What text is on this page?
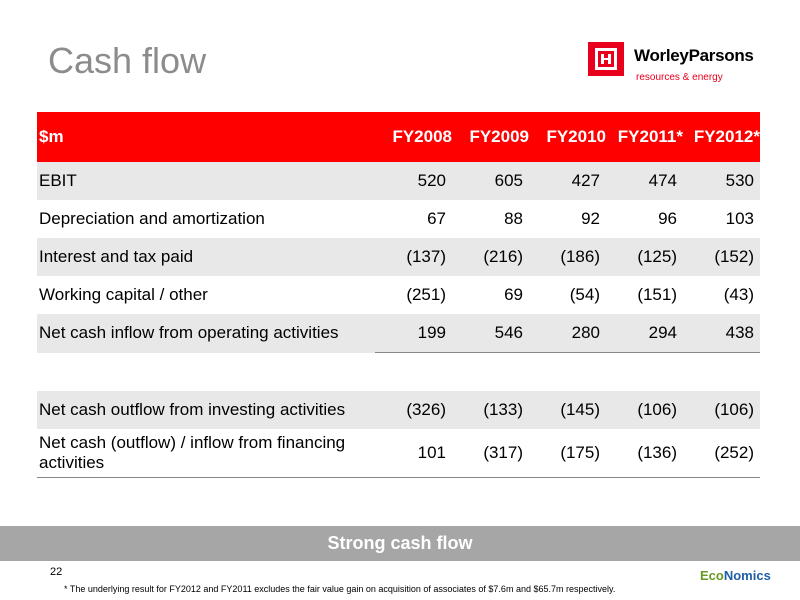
Cash flow	WorleyParsons
resources & energy
$m	FY2008	FY2009	FY2010	FY2011*	FY2012*
EBIT	520	605	427	474	530
Depreciation and amortization	67	88	92	96	103
Interest and tax paid	(137)	(216)	(186)	(125)	(152)
Working capital / other	(251)	69	(54)	(151)	(43)
Net cash inflow from operating activities	199	546	280	294	438

Net cash outflow from investing activities	(326)	(133)	(145)	(106)	(106)
Net cash (outflow) / inflow from financing activities	101	(317)	(175)	(136)	(252)
Strong cash flow
22
* The underlying result for FY2012 and FY2011 excludes the fair value gain on acquisition of associates of $7.6m and $65.7m respectively.
EcoNomics
